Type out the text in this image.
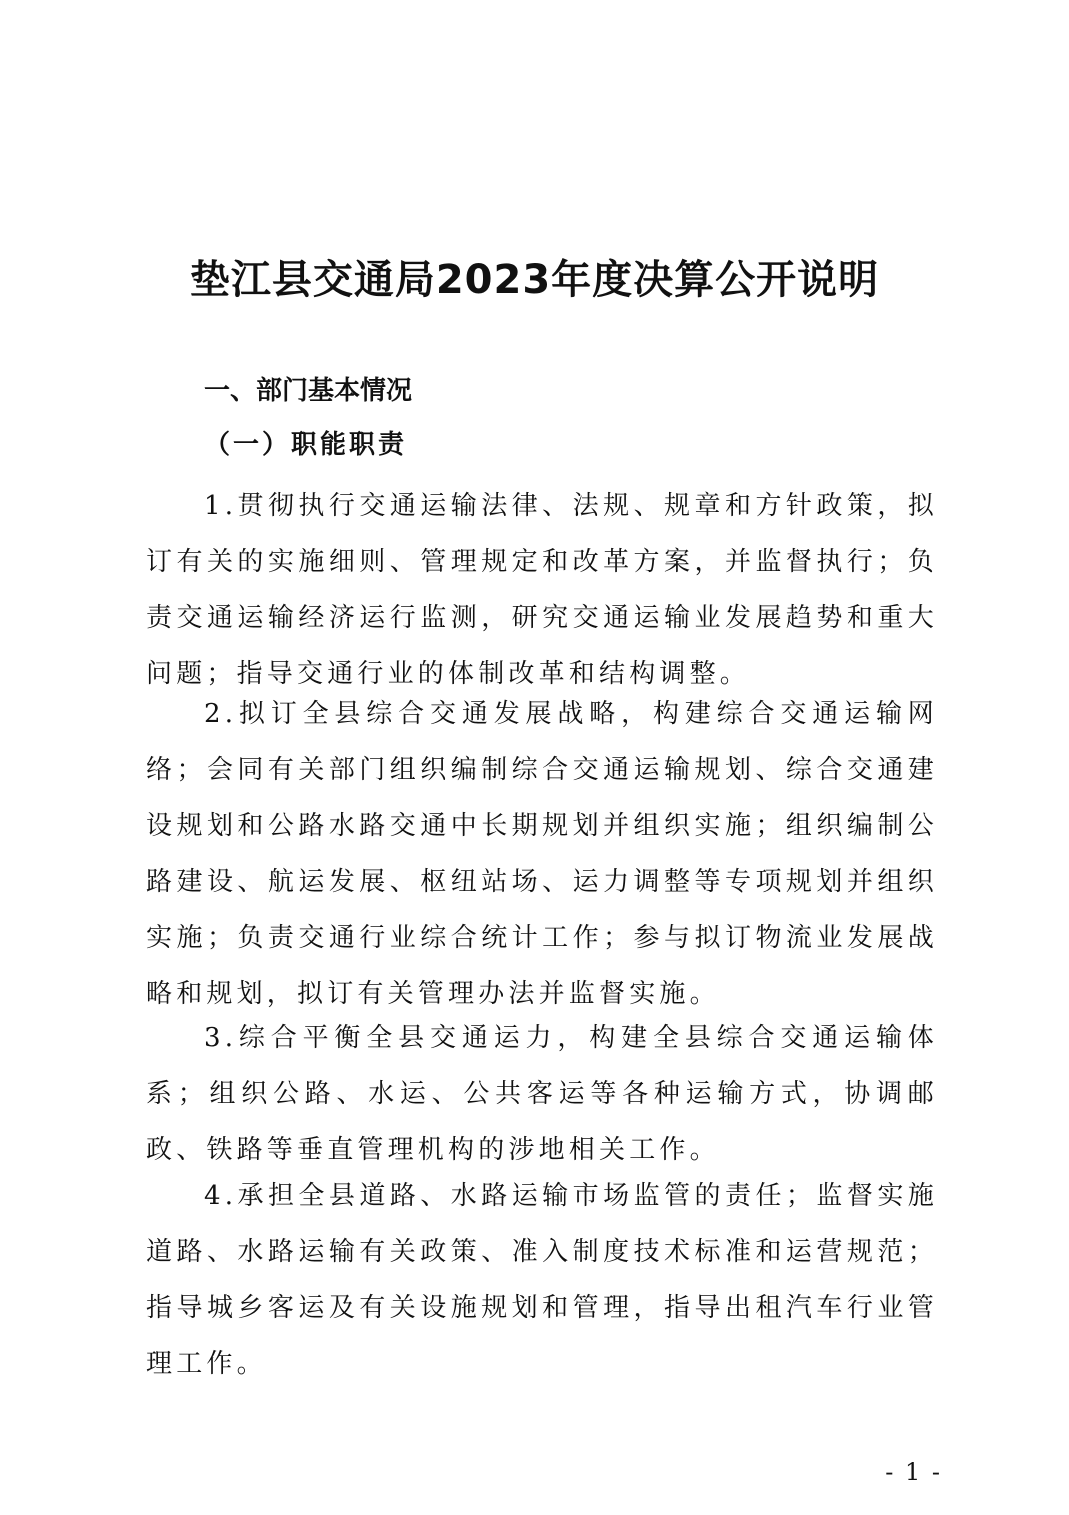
垫江县交通局2023年度决算公开说明
一、部门基本情况
（一）职能职责

1.贯彻执行交通运输法律、法规、规章和方针政策，拟订有关的实施细则、管理规定和改革方案，并监督执行；负责交通运输经济运行监测，研究交通运输业发展趋势和重大问题；指导交通行业的体制改革和结构调整。

2.拟订全县综合交通发展战略，构建综合交通运输网络；会同有关部门组织编制综合交通运输规划、综合交通建设规划和公路水路交通中长期规划并组织实施；组织编制公路建设、航运发展、枢纽站场、运力调整等专项规划并组织实施；负责交通行业综合统计工作；参与拟订物流业发展战略和规划，拟订有关管理办法并监督实施。

3.综合平衡全县交通运力，构建全县综合交通运输体系；组织公路、水运、公共客运等各种运输方式，协调邮政、铁路等垂直管理机构的涉地相关工作。

4.承担全县道路、水路运输市场监管的责任；监督实施道路、水路运输有关政策、准入制度技术标准和运营规范；指导城乡客运及有关设施规划和管理，指导出租汽车行业管理工作。

- 1 -
